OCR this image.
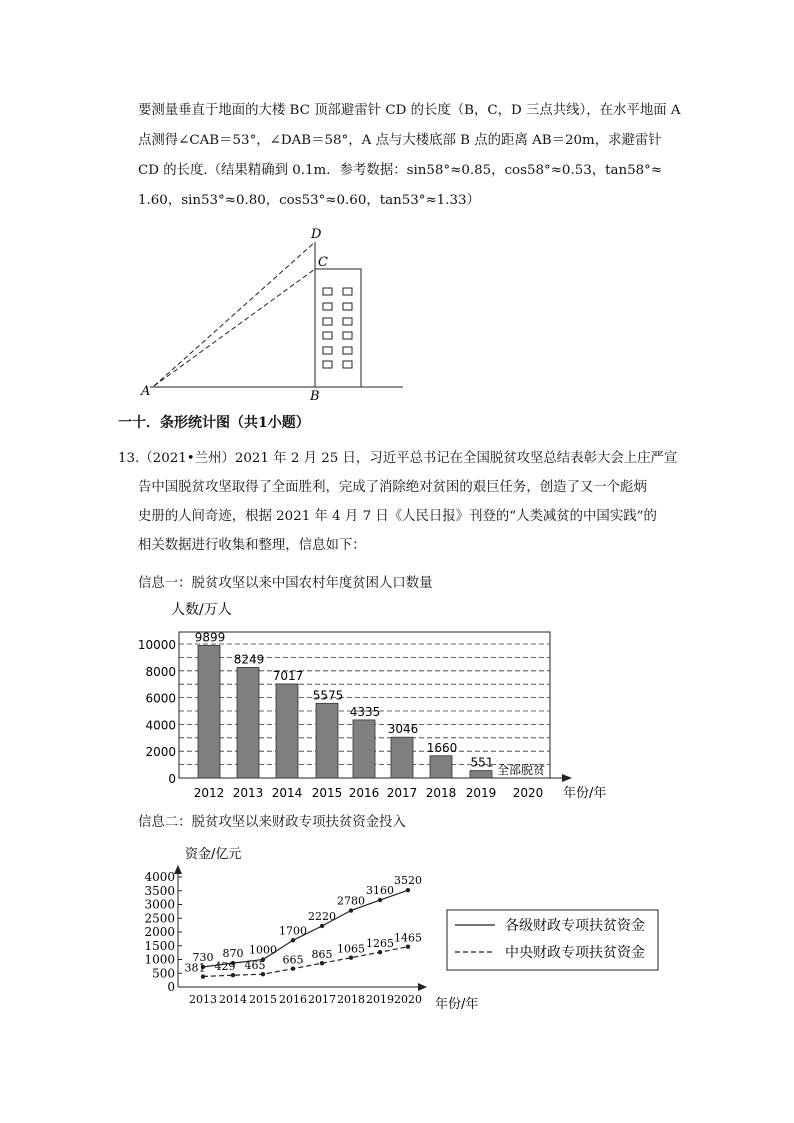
要测量垂直于地面的大楼 BC 顶部避雷针 CD 的长度（B，C，D 三点共线），在水平地面 A
点测得∠CAB＝53°，∠DAB＝58°，A 点与大楼底部 B 点的距离 AB＝20m，求避雷针
CD 的长度.（结果精确到 0.1m．参考数据：sin58°≈0.85，cos58°≈0.53，tan58°≈
1.60，sin53°≈0.80，cos53°≈0.60，tan53°≈1.33）
A	B
C
D
一十．条形统计图（共1小题）
13.（2021•兰州）2021 年 2 月 25 日，习近平总书记在全国脱贫攻坚总结表彰大会上庄严宣
告中国脱贫攻坚取得了全面胜利，完成了消除绝对贫困的艰巨任务，创造了又一个彪炳
史册的人间奇迹，根据 2021 年 4 月 7 日《人民日报》刊登的“人类减贫的中国实践”的
相关数据进行收集和整理，信息如下：
信息一：脱贫攻坚以来中国农村年度贫困人口数量
人数/万人
9899
8249
7017
5575
4335
3046
1660
551
0
2000
4000
6000
8000
10000
2012 2013 2014 2015 2016 2017 2018 2019 2020
全部脱贫
年份/年
信息二：脱贫攻坚以来财政专项扶贫资金投入
资金/亿元
0
500
1000
1500
2000
2500
3000
3500
4000
2013 2014 2015 2016 2017 2018 2019 2020
730 870 1000
1700
2220
2780
3160
3520
381 429 465 665 865 1065 1265 1465
年份/年
各级财政专项扶贫资金
中央财政专项扶贫资金
